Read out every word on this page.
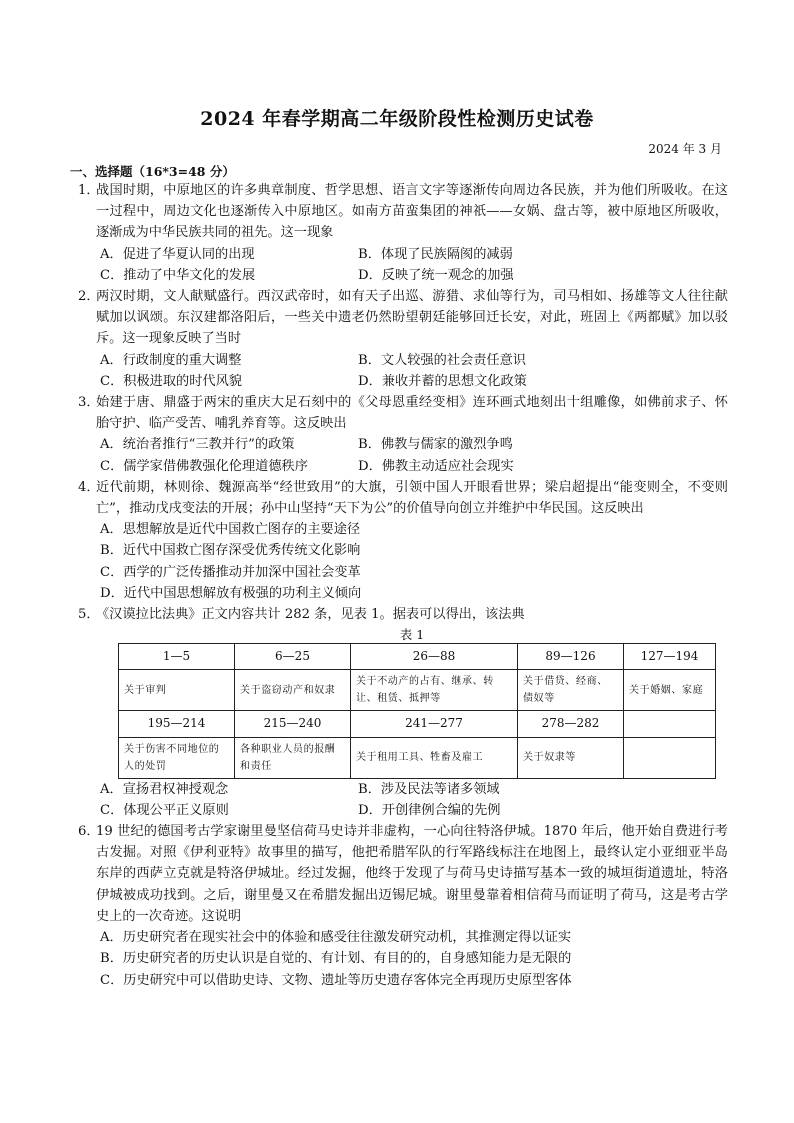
2024 年春学期高二年级阶段性检测历史试卷
2024 年 3 月
一、选择题（16*3=48 分）
1．
战国时期，中原地区的许多典章制度、哲学思想、语言文字等逐渐传向周边各民族，并为他们所吸收。在这一过程中，周边文化也逐渐传入中原地区。如南方苗蛮集团的神祇——女娲、盘古等，被中原地区所吸收，逐渐成为中华民族共同的祖先。这一现象
A．促进了华夏认同的出现	B．体现了民族隔阂的减弱
C．推动了中华文化的发展	D．反映了统一观念的加强
2．
两汉时期，文人献赋盛行。西汉武帝时，如有天子出巡、游猎、求仙等行为，司马相如、扬雄等文人往往献赋加以讽颂。东汉建都洛阳后，一些关中遗老仍然盼望朝廷能够回迁长安，对此，班固上《两都赋》加以驳斥。这一现象反映了当时
A．行政制度的重大调整	B．文人较强的社会责任意识
C．积极进取的时代风貌	D．兼收并蓄的思想文化政策
3．
始建于唐、鼎盛于两宋的重庆大足石刻中的《父母恩重经变相》连环画式地刻出十组雕像，如佛前求子、怀胎守护、临产受苦、哺乳养育等。这反映出
A．统治者推行“三教并行”的政策	B．佛教与儒家的激烈争鸣
C．儒学家借佛教强化伦理道德秩序	D．佛教主动适应社会现实
4．
近代前期，林则徐、魏源高举“经世致用”的大旗，引领中国人开眼看世界；梁启超提出“能变则全，不变则亡”，推动戊戌变法的开展；孙中山坚持“天下为公”的价值导向创立并维护中华民国。这反映出
A．思想解放是近代中国救亡图存的主要途径
B．近代中国救亡图存深受优秀传统文化影响
C．西学的广泛传播推动并加深中国社会变革
D．近代中国思想解放有极强的功利主义倾向
5．
《汉谟拉比法典》正文内容共计 282 条，见表 1。据表可以得出，该法典
表 1
1—5	6—25	26—88	89—126	127—194
关于审判	关于盗窃动产和奴隶	关于不动产的占有、继承、转让、租赁、抵押等	关于借贷、经商、债奴等	关于婚姻、家庭
195—214	215—240	241—277	278—282	
关于伤害不同地位的人的处罚	各种职业人员的报酬和责任	关于租用工具、牲畜及雇工	关于奴隶等	
A．宣扬君权神授观念	B．涉及民法等诸多领域
C．体现公平正义原则	D．开创律例合编的先例
6．
19 世纪的德国考古学家谢里曼坚信荷马史诗并非虚构，一心向往特洛伊城。1870 年后，他开始自费进行考古发掘。对照《伊利亚特》故事里的描写，他把希腊军队的行军路线标注在地图上，最终认定小亚细亚半岛东岸的西萨立克就是特洛伊城址。经过发掘，他终于发现了与荷马史诗描写基本一致的城垣街道遗址，特洛伊城被成功找到。之后，谢里曼又在希腊发掘出迈锡尼城。谢里曼靠着相信荷马而证明了荷马，这是考古学史上的一次奇迹。这说明
A．历史研究者在现实社会中的体验和感受往往激发研究动机，其推测定得以证实
B．历史研究者的历史认识是自觉的、有计划、有目的的，自身感知能力是无限的
C．历史研究中可以借助史诗、文物、遗址等历史遗存客体完全再现历史原型客体
